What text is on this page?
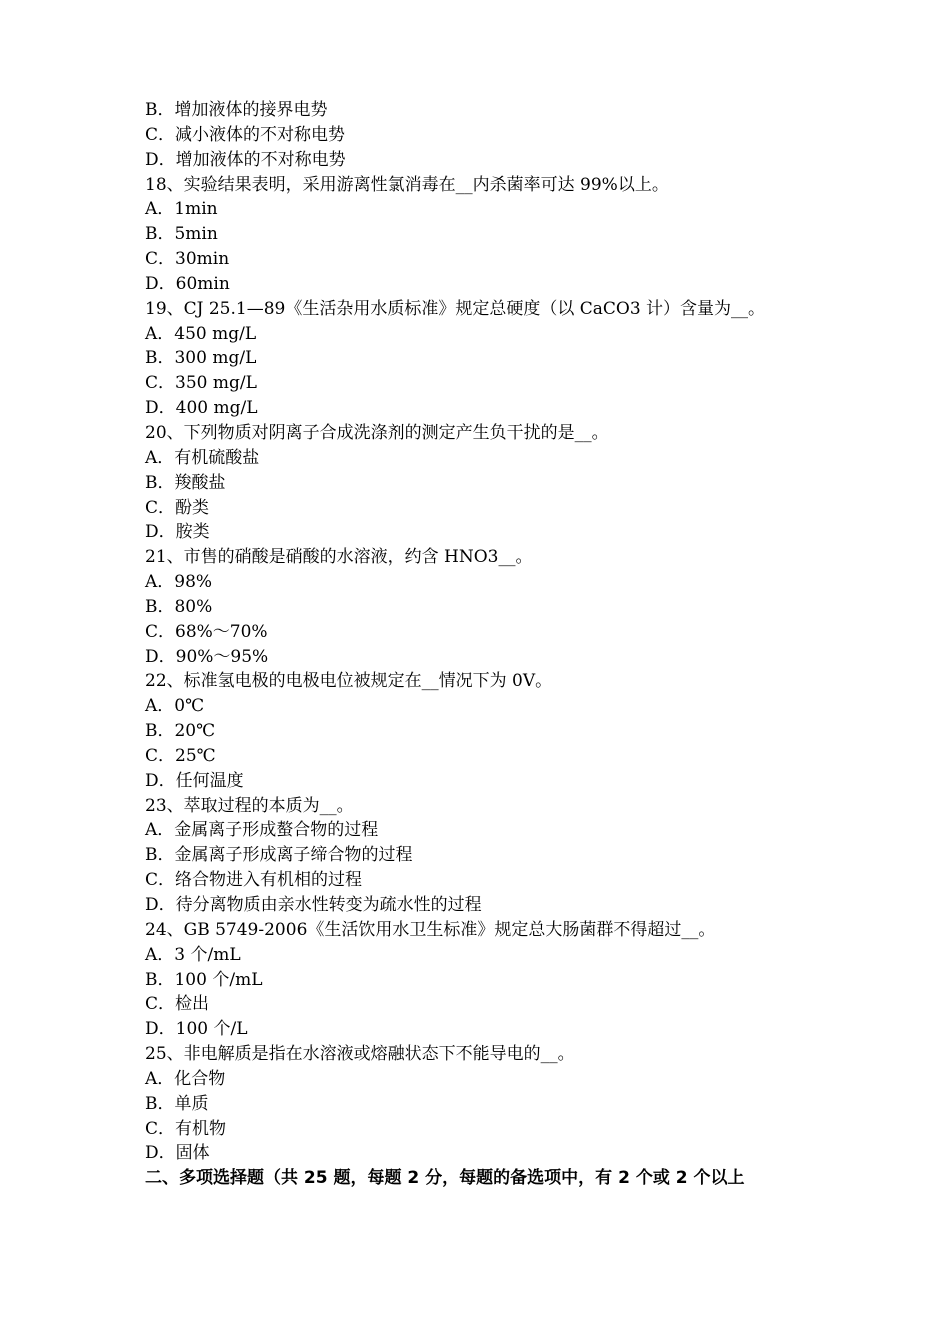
B．增加液体的接界电势
C．减小液体的不对称电势
D．增加液体的不对称电势
18、实验结果表明，采用游离性氯消毒在__内杀菌率可达 99%以上。
A．1min
B．5min
C．30min
D．60min
19、CJ 25.1—89《生活杂用水质标准》规定总硬度（以 CaCO3 计）含量为__。
A．450 mg/L
B．300 mg/L
C．350 mg/L
D．400 mg/L
20、下列物质对阴离子合成洗涤剂的测定产生负干扰的是__。
A．有机硫酸盐
B．羧酸盐
C．酚类
D．胺类
21、市售的硝酸是硝酸的水溶液，约含 HNO3__。
A．98%
B．80%
C．68%～70%
D．90%～95%
22、标准氢电极的电极电位被规定在__情况下为 0V。
A．0℃
B．20℃
C．25℃
D．任何温度
23、萃取过程的本质为__。
A．金属离子形成螯合物的过程
B．金属离子形成离子缔合物的过程
C．络合物进入有机相的过程
D．待分离物质由亲水性转变为疏水性的过程
24、GB 5749-2006《生活饮用水卫生标准》规定总大肠菌群不得超过__。
A．3 个/mL
B．100 个/mL
C．检出
D．100 个/L
25、非电解质是指在水溶液或熔融状态下不能导电的__。
A．化合物
B．单质
C．有机物
D．固体
二、多项选择题（共 25 题，每题 2 分，每题的备选项中，有 2 个或 2 个以上
